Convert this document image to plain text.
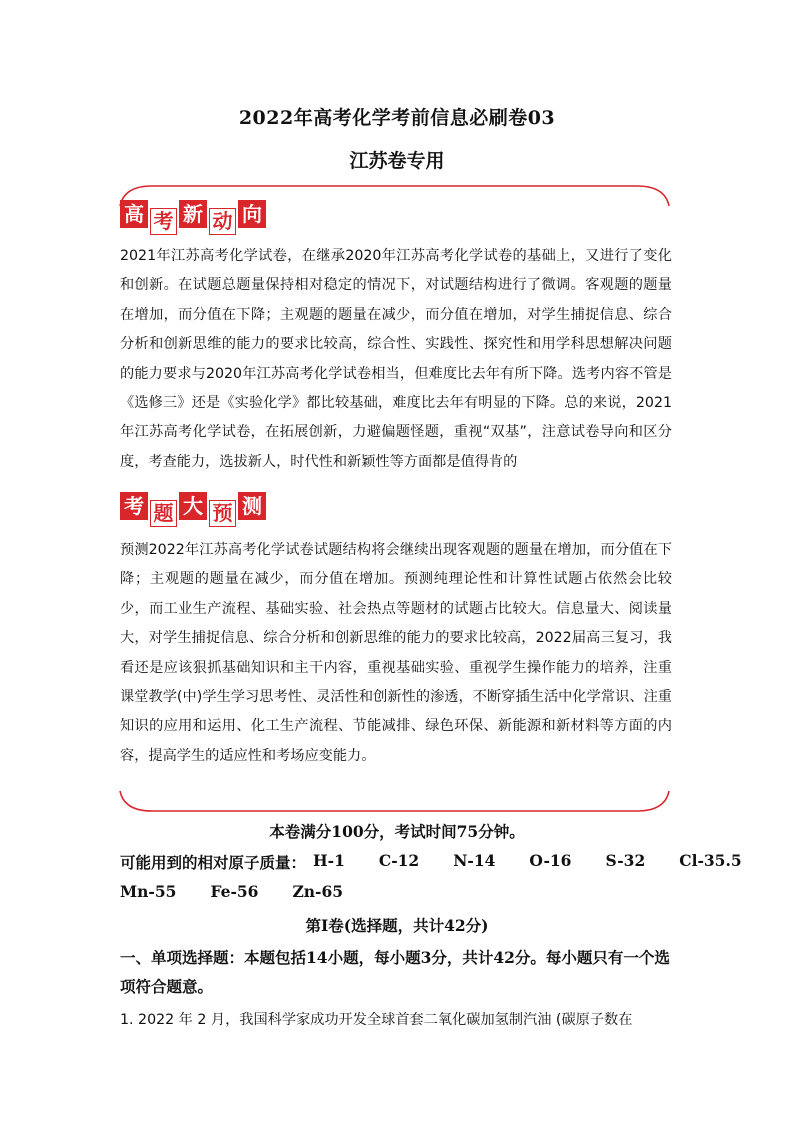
2022年高考化学考前信息必刷卷03
江苏卷专用
高 考 新 动 向
2021年江苏高考化学试卷，在继承2020年江苏高考化学试卷的基础上，又进行了变化和创新。在试题总题量保持相对稳定的情况下，对试题结构进行了微调。客观题的题量在增加，而分值在下降；主观题的题量在减少，而分值在增加，对学生捕捉信息、综合分析和创新思维的能力的要求比较高，综合性、实践性、探究性和用学科思想解决问题的能力要求与2020年江苏高考化学试卷相当，但难度比去年有所下降。选考内容不管是《选修三》还是《实验化学》都比较基础，难度比去年有明显的下降。总的来说，2021年江苏高考化学试卷，在拓展创新，力避偏题怪题，重视“双基”，注意试卷导向和区分度，考查能力，选拔新人，时代性和新颖性等方面都是值得肯的
考 题 大 预 测
预测2022年江苏高考化学试卷试题结构将会继续出现客观题的题量在增加，而分值在下降；主观题的题量在减少，而分值在增加。预测纯理论性和计算性试题占依然会比较少，而工业生产流程、基础实验、社会热点等题材的试题占比较大。信息量大、阅读量大，对学生捕捉信息、综合分析和创新思维的能力的要求比较高，2022届高三复习，我看还是应该狠抓基础知识和主干内容，重视基础实验、重视学生操作能力的培养，注重课堂教学(中)学生学习思考性、灵活性和创新性的渗透，不断穿插生活中化学常识、注重知识的应用和运用、化工生产流程、节能减排、绿色环保、新能源和新材料等方面的内容，提高学生的适应性和考场应变能力。
本卷满分100分，考试时间75分钟。
可能用到的相对原子质量： H-1 C-12 N-14 O-16 S-32 Cl-35.5
Mn-55 Fe-56 Zn-65
第I卷(选择题，共计42分)
一、单项选择题：本题包括14小题，每小题3分，共计42分。每小题只有一个选项符合题意。
1. 2022 年 2 月，我国科学家成功开发全球首套二氧化碳加氢制汽油 (碳原子数在
